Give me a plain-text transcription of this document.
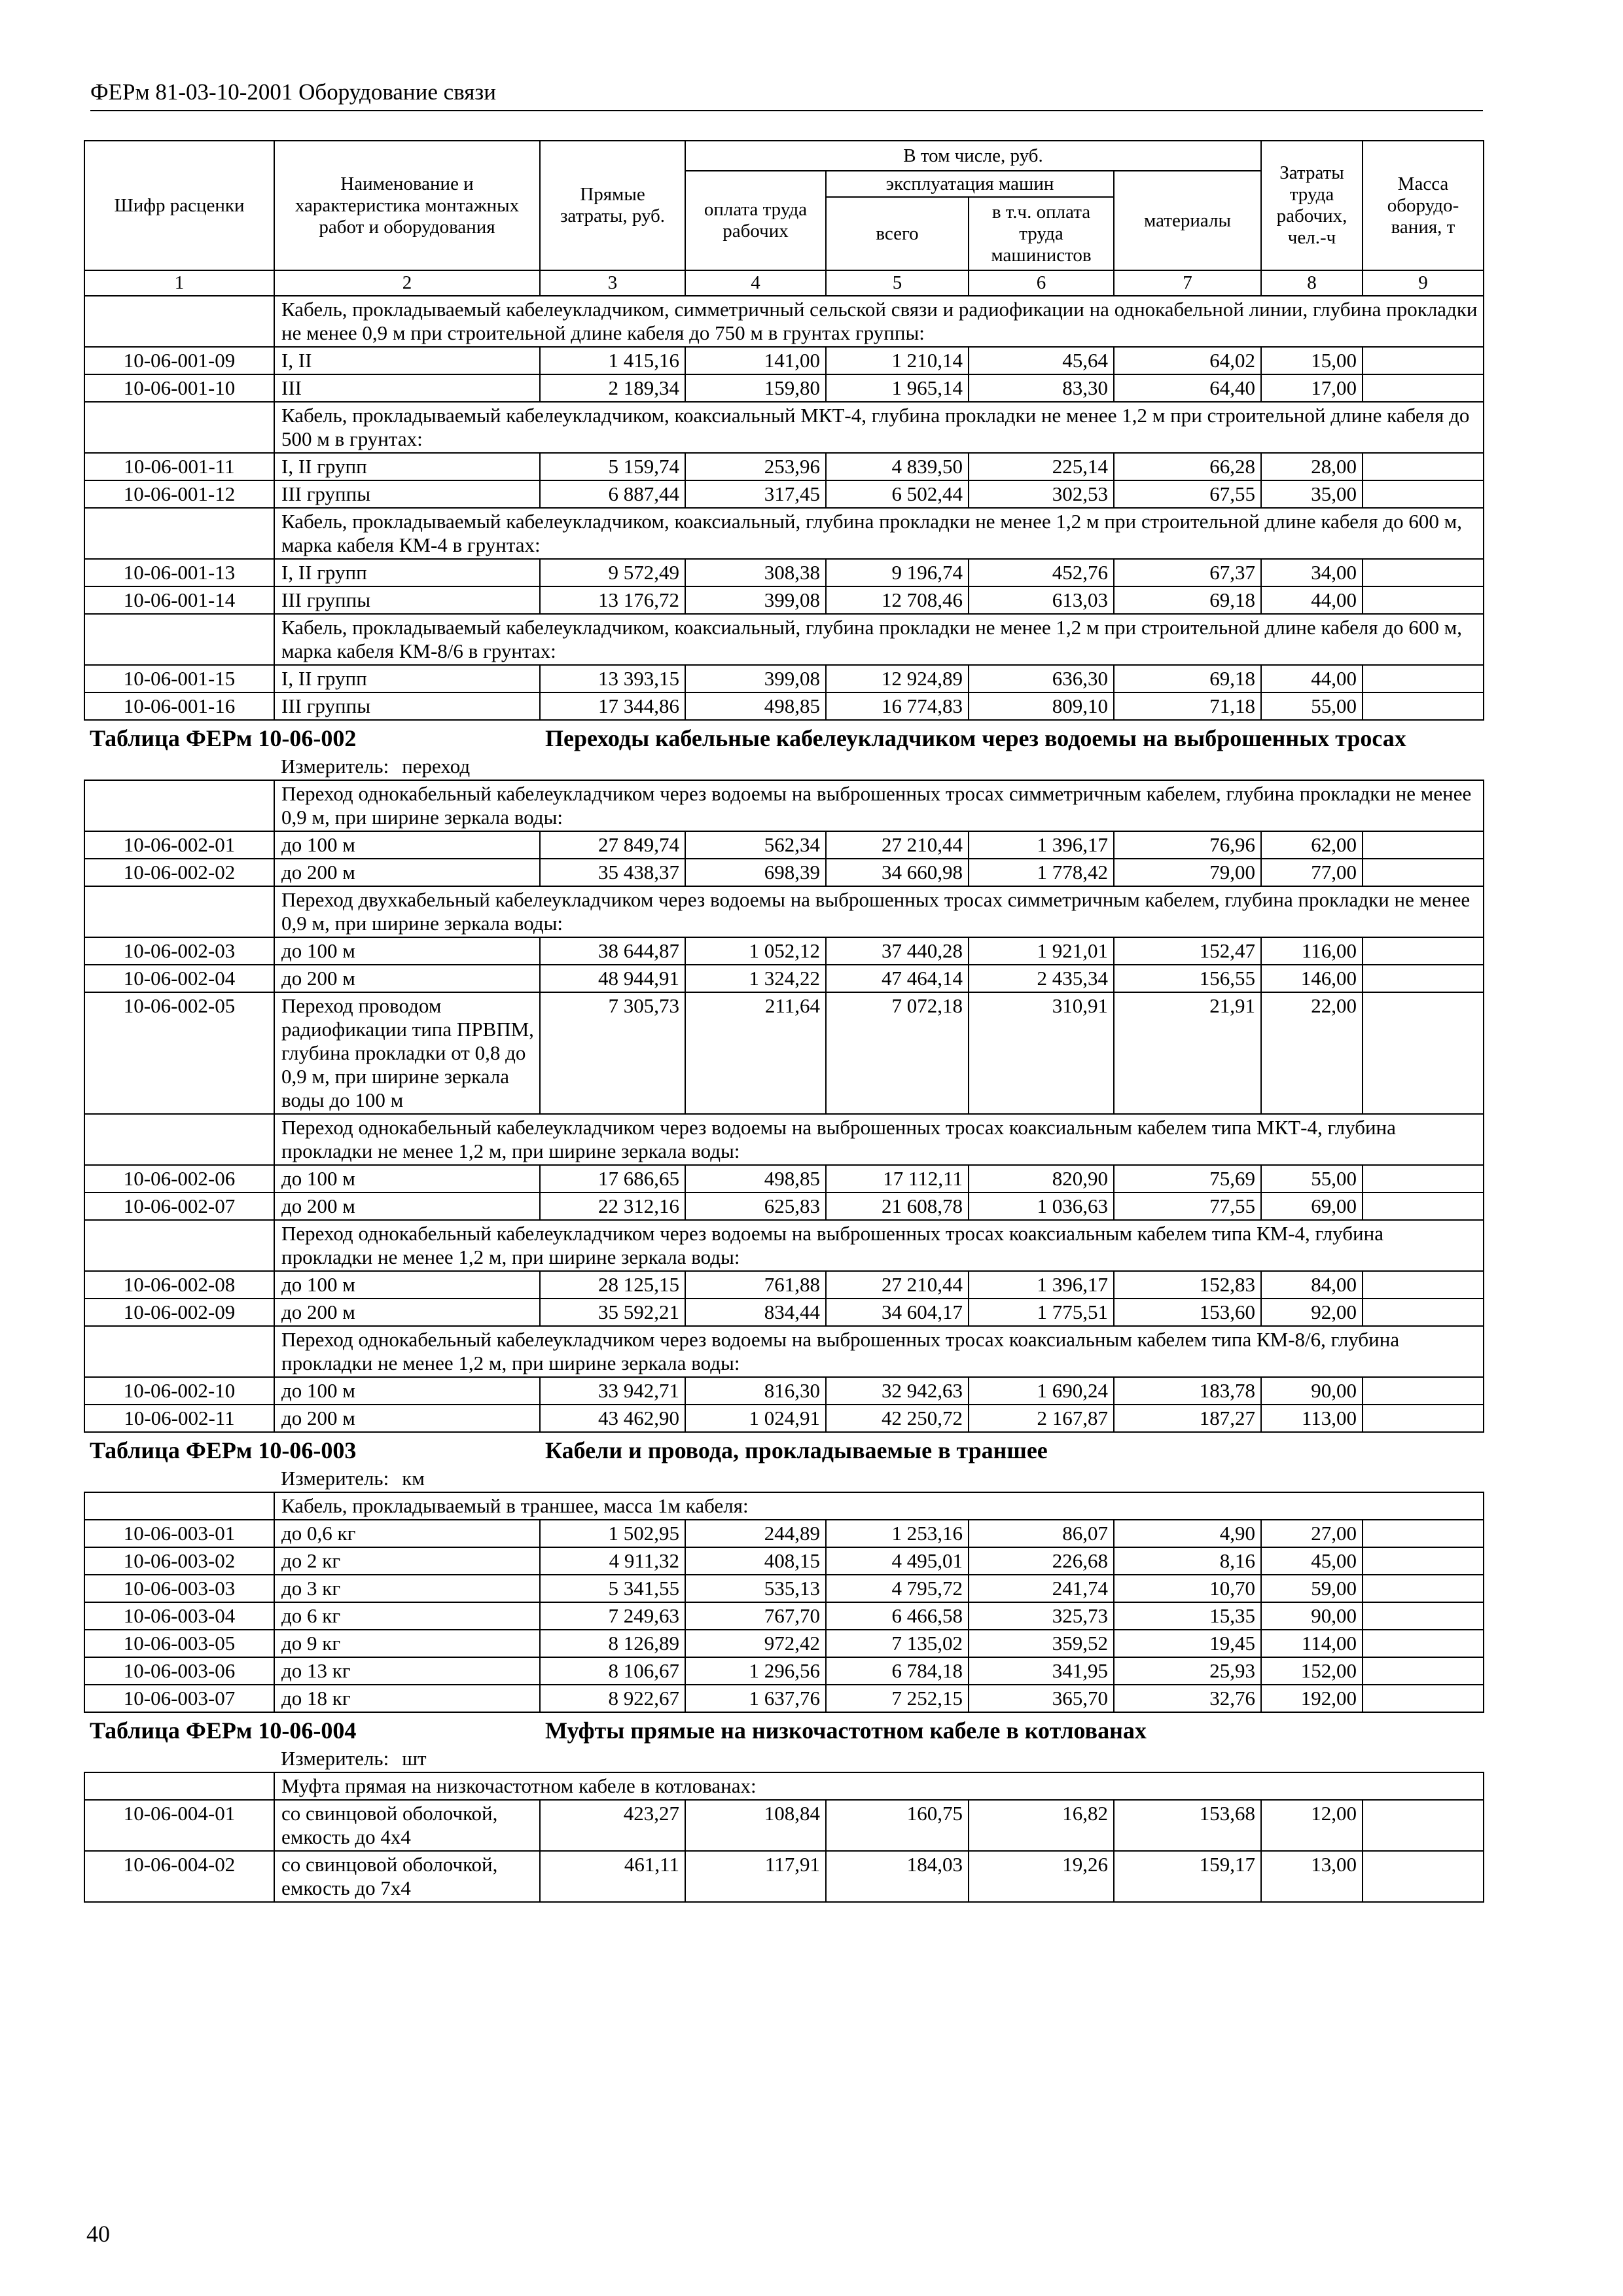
ФЕРм 81-03-10-2001 Оборудование связи
Шифр расценки	Наименование и характеристика монтажных работ и оборудования	Прямые затраты, руб.	В том числе, руб.				Затраты труда рабочих, чел.-ч	Масса оборудо-вания, т
			оплата труда рабочих	эксплуатация машин		материалы		
				всего	в т.ч. оплата труда машинистов			
1	2	3	4	5	6	7	8	9
	Кабель, прокладываемый кабелеукладчиком, симметричный сельской связи и радиофикации на однокабельной линии, глубина прокладки не менее 0,9 м при строительной длине кабеля до 750 м в грунтах группы:							
10-06-001-09	I, II	1 415,16	141,00	1 210,14	45,64	64,02	15,00	
10-06-001-10	III	2 189,34	159,80	1 965,14	83,30	64,40	17,00	
	Кабель, прокладываемый кабелеукладчиком, коаксиальный МКТ-4, глубина прокладки не менее 1,2 м при строительной длине кабеля до 500 м в грунтах:							
10-06-001-11	I, II групп	5 159,74	253,96	4 839,50	225,14	66,28	28,00	
10-06-001-12	III группы	6 887,44	317,45	6 502,44	302,53	67,55	35,00	
	Кабель, прокладываемый кабелеукладчиком, коаксиальный, глубина прокладки не менее 1,2 м при строительной длине кабеля до 600 м, марка кабеля КМ-4 в грунтах:							
10-06-001-13	I, II групп	9 572,49	308,38	9 196,74	452,76	67,37	34,00	
10-06-001-14	III группы	13 176,72	399,08	12 708,46	613,03	69,18	44,00	
	Кабель, прокладываемый кабелеукладчиком, коаксиальный, глубина прокладки не менее 1,2 м при строительной длине кабеля до 600 м, марка кабеля КМ-8/6 в грунтах:							
10-06-001-15	I, II групп	13 393,15	399,08	12 924,89	636,30	69,18	44,00	
10-06-001-16	III группы	17 344,86	498,85	16 774,83	809,10	71,18	55,00	
Таблица ФЕРм 10-06-002		Переходы кабельные кабелеукладчиком через водоемы на выброшенных тросах						
	Измеритель: переход							
	Переход однокабельный кабелеукладчиком через водоемы на выброшенных тросах симметричным кабелем, глубина прокладки не менее 0,9 м, при ширине зеркала воды:							
10-06-002-01	до 100 м	27 849,74	562,34	27 210,44	1 396,17	76,96	62,00	
10-06-002-02	до 200 м	35 438,37	698,39	34 660,98	1 778,42	79,00	77,00	
	Переход двухкабельный кабелеукладчиком через водоемы на выброшенных тросах симметричным кабелем, глубина прокладки не менее 0,9 м, при ширине зеркала воды:							
10-06-002-03	до 100 м	38 644,87	1 052,12	37 440,28	1 921,01	152,47	116,00	
10-06-002-04	до 200 м	48 944,91	1 324,22	47 464,14	2 435,34	156,55	146,00	
10-06-002-05	Переход проводом радиофикации типа ПРВПМ, глубина прокладки от 0,8 до 0,9 м, при ширине зеркала воды до 100 м	7 305,73	211,64	7 072,18	310,91	21,91	22,00	
	Переход однокабельный кабелеукладчиком через водоемы на выброшенных тросах коаксиальным кабелем типа МКТ-4, глубина прокладки не менее 1,2 м, при ширине зеркала воды:							
10-06-002-06	до 100 м	17 686,65	498,85	17 112,11	820,90	75,69	55,00	
10-06-002-07	до 200 м	22 312,16	625,83	21 608,78	1 036,63	77,55	69,00	
	Переход однокабельный кабелеукладчиком через водоемы на выброшенных тросах коаксиальным кабелем типа КМ-4, глубина прокладки не менее 1,2 м, при ширине зеркала воды:							
10-06-002-08	до 100 м	28 125,15	761,88	27 210,44	1 396,17	152,83	84,00	
10-06-002-09	до 200 м	35 592,21	834,44	34 604,17	1 775,51	153,60	92,00	
	Переход однокабельный кабелеукладчиком через водоемы на выброшенных тросах коаксиальным кабелем типа КМ-8/6, глубина прокладки не менее 1,2 м, при ширине зеркала воды:							
10-06-002-10	до 100 м	33 942,71	816,30	32 942,63	1 690,24	183,78	90,00	
10-06-002-11	до 200 м	43 462,90	1 024,91	42 250,72	2 167,87	187,27	113,00	
Таблица ФЕРм 10-06-003		Кабели и провода, прокладываемые в траншее						
	Измеритель: км							
	Кабель, прокладываемый в траншее, масса 1м кабеля:							
10-06-003-01	до 0,6 кг	1 502,95	244,89	1 253,16	86,07	4,90	27,00	
10-06-003-02	до 2 кг	4 911,32	408,15	4 495,01	226,68	8,16	45,00	
10-06-003-03	до 3 кг	5 341,55	535,13	4 795,72	241,74	10,70	59,00	
10-06-003-04	до 6 кг	7 249,63	767,70	6 466,58	325,73	15,35	90,00	
10-06-003-05	до 9 кг	8 126,89	972,42	7 135,02	359,52	19,45	114,00	
10-06-003-06	до 13 кг	8 106,67	1 296,56	6 784,18	341,95	25,93	152,00	
10-06-003-07	до 18 кг	8 922,67	1 637,76	7 252,15	365,70	32,76	192,00	
Таблица ФЕРм 10-06-004		Муфты прямые на низкочастотном кабеле в котлованах						
	Измеритель: шт							
	Муфта прямая на низкочастотном кабеле в котлованах:							
10-06-004-01	со свинцовой оболочкой, емкость до 4х4	423,27	108,84	160,75	16,82	153,68	12,00	
10-06-004-02	со свинцовой оболочкой, емкость до 7х4	461,11	117,91	184,03	19,26	159,17	13,00	
40
